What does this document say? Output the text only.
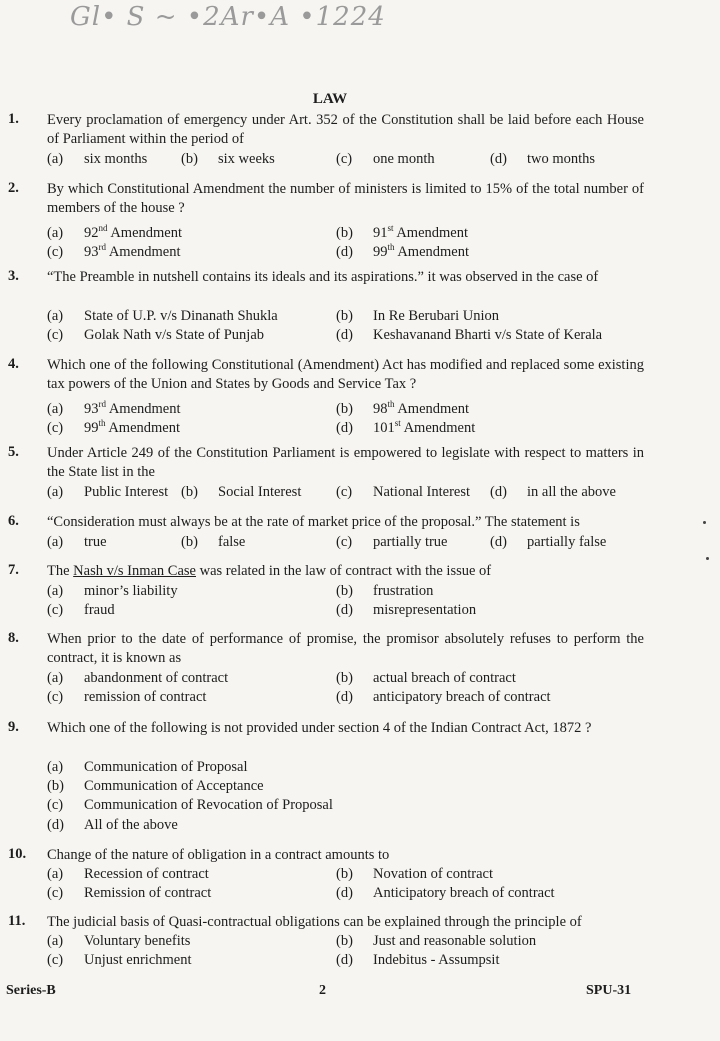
Gl• S ~ •2Ar•A •1224
LAW
1. Every proclamation of emergency under Art. 352 of the Constitution shall be laid before each House of Parliament within the period of
(a) six months (b) six weeks	(c) one month	(d) two months
2. By which Constitutional Amendment the number of ministers is limited to 15% of the total number of members of the house ?
(a) 92nd Amendment	(b) 91st Amendment
(c) 93rd Amendment	(d) 99th Amendment
3. “The Preamble in nutshell contains its ideals and its aspirations.” it was observed in the case of
(a) State of U.P. v/s Dinanath Shukla	(b) In Re Berubari Union
(c) Golak Nath v/s State of Punjab	(d) Keshavanand Bharti v/s State of Kerala
4. Which one of the following Constitutional (Amendment) Act has modified and replaced some existing tax powers of the Union and States by Goods and Service Tax ?
(a) 93rd Amendment	(b) 98th Amendment
(c) 99th Amendment	(d) 101st Amendment
5. Under Article 249 of the Constitution Parliament is empowered to legislate with respect to matters in the State list in the
(a) Public Interest (b) Social Interest (c) National Interest (d) in all the above
6. “Consideration must always be at the rate of market price of the proposal.” The statement is
(a) true	(b) false	(c) partially true	(d) partially false
7. The Nash v/s Inman Case was related in the law of contract with the issue of
(a) minor’s liability	(b) frustration
(c) fraud	(d) misrepresentation
8. When prior to the date of performance of promise, the promisor absolutely refuses to perform the contract, it is known as
(a) abandonment of contract	(b) actual breach of contract
(c) remission of contract	(d) anticipatory breach of contract
9. Which one of the following is not provided under section 4 of the Indian Contract Act, 1872 ?
(a) Communication of Proposal
(b) Communication of Acceptance
(c) Communication of Revocation of Proposal
(d) All of the above
10. Change of the nature of obligation in a contract amounts to
(a) Recession of contract	(b) Novation of contract
(c) Remission of contract	(d) Anticipatory breach of contract
11. The judicial basis of Quasi-contractual obligations can be explained through the principle of
(a) Voluntary benefits	(b) Just and reasonable solution
(c) Unjust enrichment	(d) Indebitus - Assumpsit
Series-B	2	SPU-31
